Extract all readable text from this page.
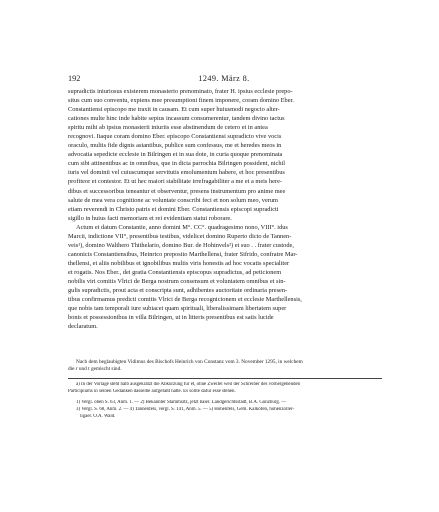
192	1249. März 8.
supradictis iniuriosus existerem monasterio prenominato, frater H. ipsius ecclesie prepo-
situs cum suo conventu, expiens mee presumptioni finem imponere, coram domino Eber.
Constantiensi episcopo me traxit in causam. Et cum super huiusmodi negocio alter-
cationes multe hinc inde habite sepius incassum consumerentur, tandem divino tactus
spiritu mihi ab ipsius monasterii iniuriis esse abstinendum de cetero et in antea
recognovi. Itaque coram domino Eber. episcopo Constantiensi supradicto vive vocis
oraculo, multis fide dignis astantibus, publice sum confessus, me et heredes meos in
advocatia sepedicte ecclesie in Bilringen et in sua dote, in curia quoque prenominata
cum sibi attinentibus ac in omnibus, que in dicta parrochia Bilringen possident, nichil
iuris vel dominii vel cuiuscumque servitutis emolumentum habere, et hoc presentibus
profiteor et contestor. Et ut hec maiori stabilitate irrefragabiliter a me et a meis here-
dibus et successoribus teneantur et observentur, presens instrumentum pro anime mee
salute de mea vera cognitione ac voluntate conscribi feci et non solum meo, verum
etiam reverendi in Christo patris et domini Eber. Constantiensis episcopi supradicti
sigillo in huius facti memoriam et rei evidentiam statui roborare.
Actum et datum Constantie, anno domini M°. CC°. quadragesimo nono, VIII°. idus
Marcii, indictione VII°, presentibus testibus, videlicet domino Ruperto dicto de Tannen-
veis¹), domino Walthero Thithelario, domino Bur. de Hohinvels²) et suo . . frater custode,
canonicis Constantiensibus, Heinrico preposito Marthellensi, frater Sifrido, confratre Mar-
thellensi, et aliis nobilibus et ignobilibus multis viris honestis ad hoc vocatis specialiter
et rogatis. Nos Eber., dei gratia Constantiensis episcopus supradictus, ad peticionem
nobilis viri comitis Vlrici de Berga nostrum consensum et voluntatem omnibus et sin-
gulis supradictis, prout acta et conscripta sunt, adhibentes auctoritate ordinaria presen-
tibus confirmamus predicti comitis Vlrici de Berga recognicionem et ecclesie Marthellensis,
que nobis tam temporali iure subiacet quam spirituali, liberalissimam libertatem super
bonis et possessionibus in villa Bilringen, ut in litteris presentibus est satis lucide
declaratum.
Nach dem beglaubigten Vidimus des Bischofs Heinrich von Constanz vom 3. November 1295, in welchem
die r und t gemischt sind.
a) In der Vorlage steht halb ausgekratzt die Abkürzung für et, ohne Zweifel weil der Schreiber des vorhergehenden
Participiums in seinen Gedanken dasselbe aufgefaßt hatte. Es sollte dafür esse stehen.
1) Vergl. oben S. 63, Anm. 1. — 2) Bekannter Stammsitz, jetzt baier. Landgerichtsstadt, B.A. Günzburg. —
3) Vergl. S. 68, Anm. 2. — 4) Tannenfels, vergl. S. 141, Anm. 5. — 5) Hohenfels, Gem. Kalkofen, hohenzoller-
ligaer. O.A. Wald.
